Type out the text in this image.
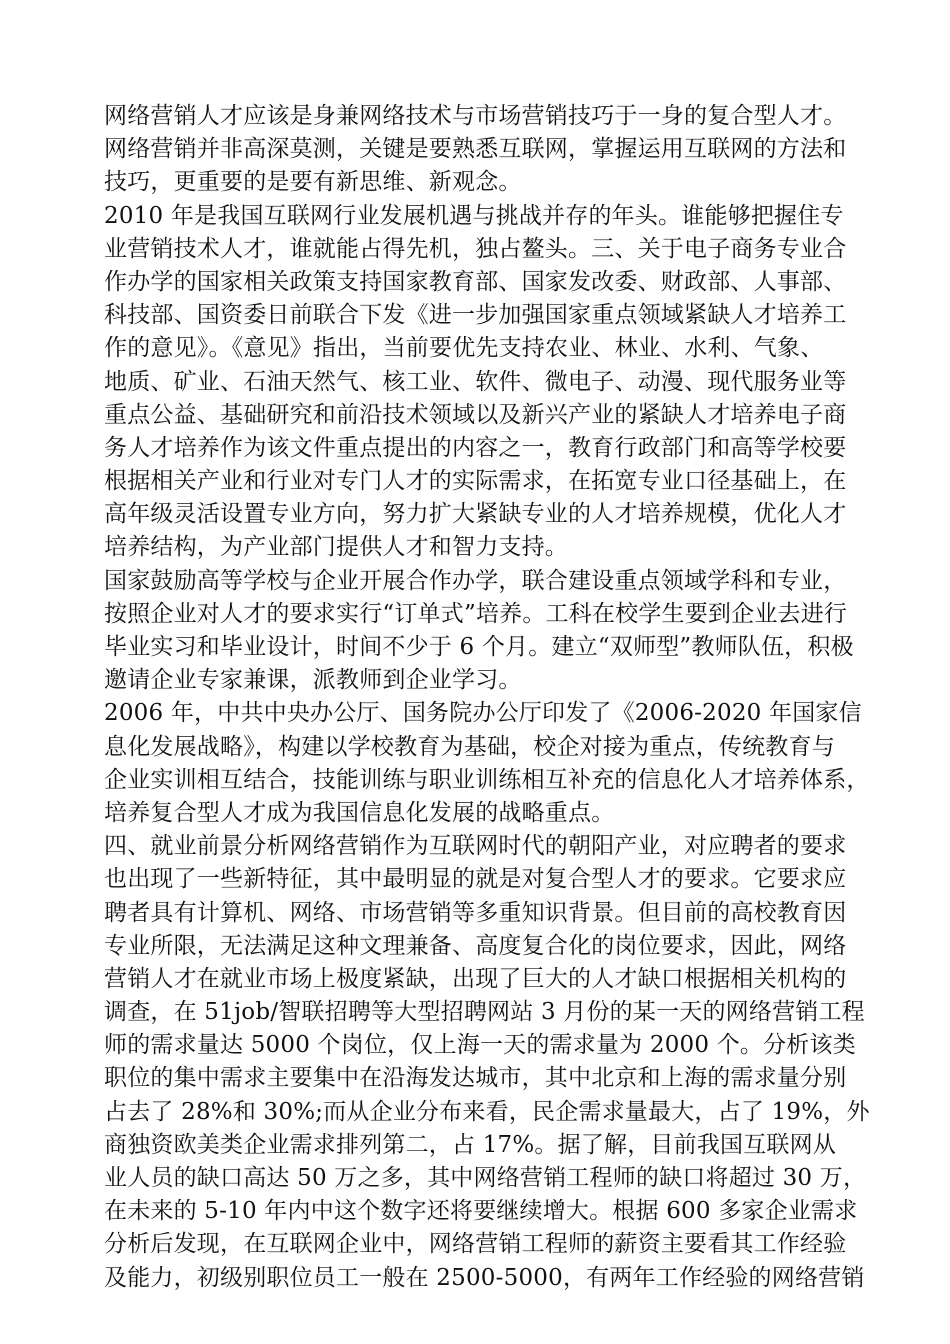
网络营销人才应该是身兼网络技术与市场营销技巧于一身的复合型人才。
网络营销并非高深莫测，关键是要熟悉互联网，掌握运用互联网的方法和
技巧，更重要的是要有新思维、新观念。
2010 年是我国互联网行业发展机遇与挑战并存的年头。谁能够把握住专
业营销技术人才，谁就能占得先机，独占鳌头。三、关于电子商务专业合
作办学的国家相关政策支持国家教育部、国家发改委、财政部、人事部、
科技部、国资委日前联合下发《进一步加强国家重点领域紧缺人才培养工
作的意见》。《意见》指出，当前要优先支持农业、林业、水利、气象、
地质、矿业、石油天然气、核工业、软件、微电子、动漫、现代服务业等
重点公益、基础研究和前沿技术领域以及新兴产业的紧缺人才培养电子商
务人才培养作为该文件重点提出的内容之一，教育行政部门和高等学校要
根据相关产业和行业对专门人才的实际需求，在拓宽专业口径基础上，在
高年级灵活设置专业方向，努力扩大紧缺专业的人才培养规模，优化人才
培养结构，为产业部门提供人才和智力支持。
国家鼓励高等学校与企业开展合作办学，联合建设重点领域学科和专业，
按照企业对人才的要求实行“订单式”培养。工科在校学生要到企业去进行
毕业实习和毕业设计，时间不少于 6 个月。建立“双师型”教师队伍，积极
邀请企业专家兼课，派教师到企业学习。
2006 年，中共中央办公厅、国务院办公厅印发了《2006-2020 年国家信
息化发展战略》，构建以学校教育为基础，校企对接为重点，传统教育与
企业实训相互结合，技能训练与职业训练相互补充的信息化人才培养体系，
培养复合型人才成为我国信息化发展的战略重点。
四、就业前景分析网络营销作为互联网时代的朝阳产业，对应聘者的要求
也出现了一些新特征，其中最明显的就是对复合型人才的要求。它要求应
聘者具有计算机、网络、市场营销等多重知识背景。但目前的高校教育因
专业所限，无法满足这种文理兼备、高度复合化的岗位要求，因此，网络
营销人才在就业市场上极度紧缺，出现了巨大的人才缺口根据相关机构的
调查，在 51job/智联招聘等大型招聘网站 3 月份的某一天的网络营销工程
师的需求量达 5000 个岗位，仅上海一天的需求量为 2000 个。分析该类
职位的集中需求主要集中在沿海发达城市，其中北京和上海的需求量分别
占去了 28%和 30%;而从企业分布来看，民企需求量最大，占了 19%，外
商独资欧美类企业需求排列第二，占 17%。据了解，目前我国互联网从
业人员的缺口高达 50 万之多，其中网络营销工程师的缺口将超过 30 万，
在未来的 5-10 年内中这个数字还将要继续增大。根据 600 多家企业需求
分析后发现，在互联网企业中，网络营销工程师的薪资主要看其工作经验
及能力，初级别职位员工一般在 2500-5000，有两年工作经验的网络营销
